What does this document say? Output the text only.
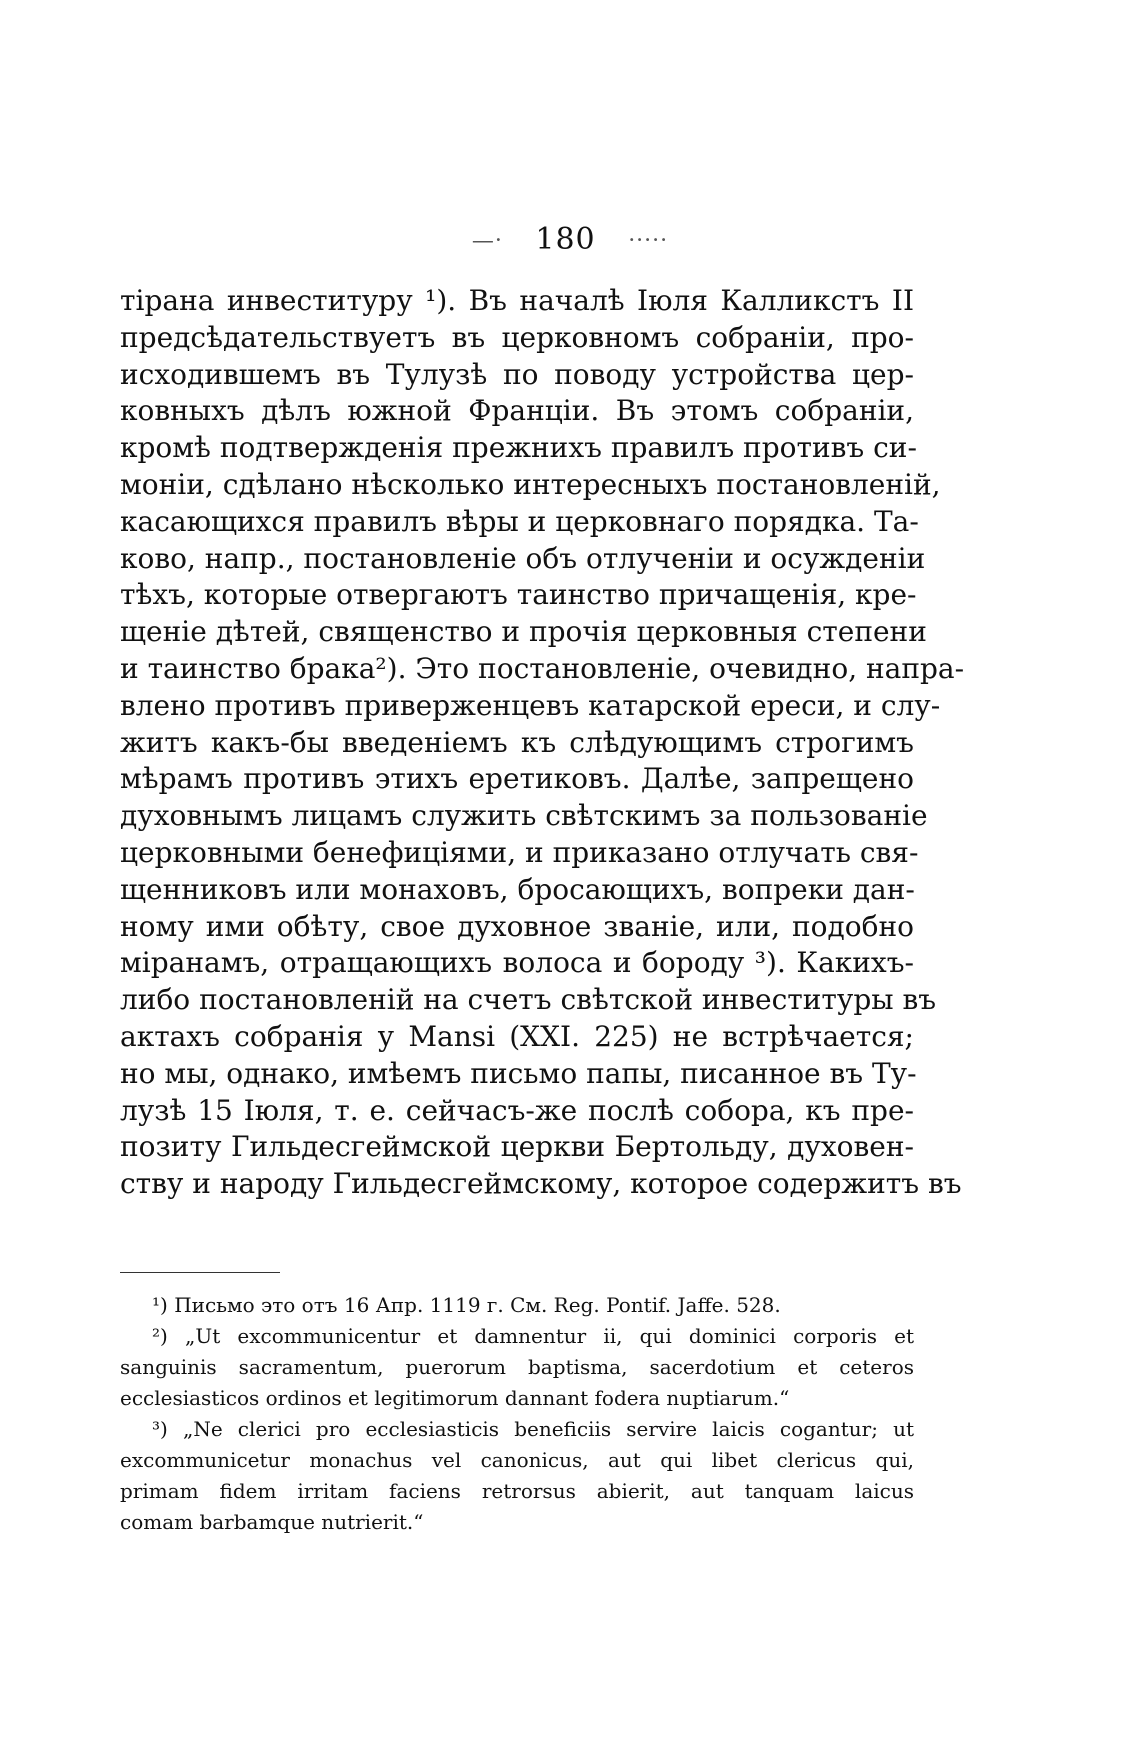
—· 180 ·····
тірана инвеституру ¹). Въ началѣ Іюля Калликстъ II
предсѣдательствуетъ въ церковномъ собраніи, про-
исходившемъ въ Тулузѣ по поводу устройства цер-
ковныхъ дѣлъ южной Франціи. Въ этомъ собраніи,
кромѣ подтвержденія прежнихъ правилъ противъ си-
моніи, сдѣлано нѣсколько интересныхъ постановленій,
касающихся правилъ вѣры и церковнаго порядка. Та-
ково, напр., постановленіе объ отлученіи и осужденіи
тѣхъ, которые отвергаютъ таинство причащенія, кре-
щеніе дѣтей, священство и прочія церковныя степени
и таинство брака²). Это постановленіе, очевидно, напра-
влено противъ приверженцевъ катарской ереси, и слу-
житъ какъ-бы введеніемъ къ слѣдующимъ строгимъ
мѣрамъ противъ этихъ еретиковъ. Далѣе, запрещено
духовнымъ лицамъ служить свѣтскимъ за пользованіе
церковными бенефиціями, и приказано отлучать свя-
щенниковъ или монаховъ, бросающихъ, вопреки дан-
ному ими обѣту, свое духовное званіе, или, подобно
міранамъ, отращающихъ волоса и бороду ³). Какихъ-
либо постановленій на счетъ свѣтской инвеституры въ
актахъ собранія у Mansi (XXI. 225) не встрѣчается;
но мы, однако, имѣемъ письмо папы, писанное въ Ту-
лузѣ 15 Іюля, т. е. сейчасъ-же послѣ собора, къ пре-
позиту Гильдесгеймской церкви Бертольду, духовен-
ству и народу Гильдесгеймскому, которое содержитъ въ
¹) Письмо это отъ 16 Апр. 1119 г. См. Reg. Pontif. Jaffe. 528.
²) „Ut excommunicentur et damnentur ii, qui dominici corporis et
sanguinis sacramentum, puerorum baptisma, sacerdotium et ceteros
ecclesiasticos ordinos et legitimorum dannant fodera nuptiarum.“
³) „Ne clerici pro ecclesiasticis beneficiis servire laicis cogantur; ut
excommunicetur monachus vel canonicus, aut qui libet clericus qui,
primam fidem irritam faciens retrorsus abierit, aut tanquam laicus
comam barbamque nutrierit.“
